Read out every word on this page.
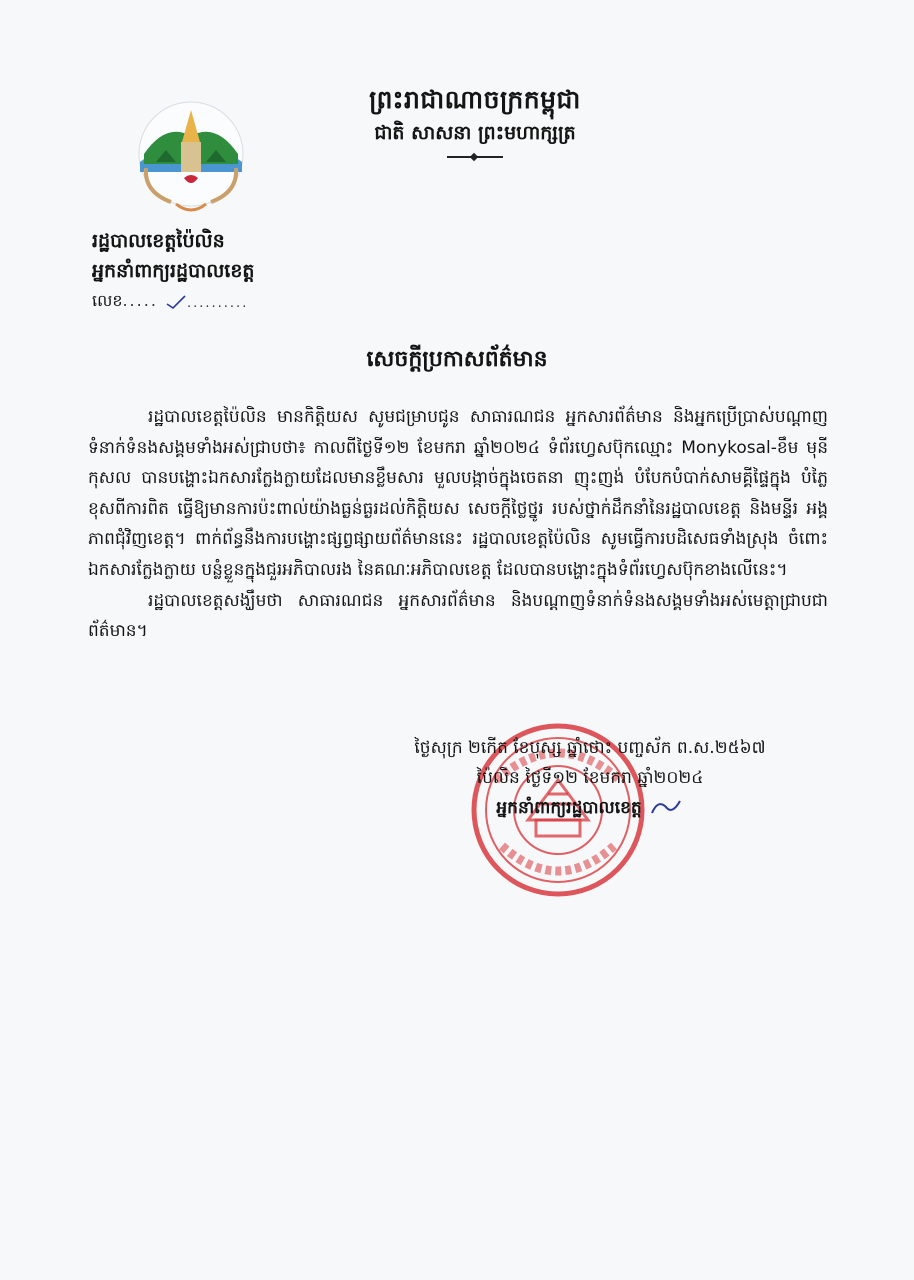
ព្រះរាជាណាចក្រកម្ពុជា
ជាតិ សាសនា ព្រះមហាក្សត្រ
រដ្ឋបាលខេត្តប៉ៃលិន
អ្នកនាំពាក្យរដ្ឋបាលខេត្ត
លេខ..... ..........
សេចក្តីប្រកាសព័ត៌មាន

រដ្ឋបាលខេត្តប៉ៃលិន មានកិត្តិយស សូមជម្រាបជូន សាធារណជន អ្នកសារព័ត៌មាន និងអ្នកប្រើប្រាស់បណ្តាញទំនាក់ទំនងសង្គមទាំងអស់ជ្រាបថា៖ កាលពីថ្ងៃទី១២ ខែមករា ឆ្នាំ២០២៤ ទំព័រហ្វេសប៊ុកឈ្មោះ Monykosal-ខឹម មុនីកុសល បានបង្ហោះឯកសារក្លែងក្លាយដែលមានខ្លឹមសារ មួលបង្កាច់ក្នុងចេតនា ញុះញង់ បំបែកបំបាក់សាមគ្គីផ្ទៃក្នុង បំភ្លៃខុសពីការពិត ធ្វើឱ្យមានការប៉ះពាល់យ៉ាងធ្ងន់ធ្ងរដល់កិត្តិយស សេចក្តីថ្លៃថ្នូរ របស់ថ្នាក់ដឹកនាំនៃរដ្ឋបាលខេត្ត និងមន្ទីរ អង្គភាពជុំវិញខេត្ត។ ពាក់ព័ន្ធនឹងការបង្ហោះផ្សព្វផ្សាយព័ត៌មាននេះ រដ្ឋបាលខេត្តប៉ៃលិន សូមធ្វើការបដិសេធទាំងស្រុង ចំពោះឯកសារក្លែងក្លាយ បន្លំខ្លួនក្នុងជួរអភិបាលរង នៃគណៈអភិបាលខេត្ត ដែលបានបង្ហោះក្នុងទំព័រហ្វេសប៊ុកខាងលើនេះ។

រដ្ឋបាលខេត្តសង្ឃឹមថា សាធារណជន អ្នកសារព័ត៌មាន និងបណ្តាញទំនាក់ទំនងសង្គមទាំងអស់មេត្តាជ្រាបជាព័ត៌មាន។

ថ្ងៃសុក្រ ២កើត ខែបុស្ស ឆ្នាំថោះ បញ្ចស័ក ព.ស.២៥៦៧
ប៉ៃលិន ថ្ងៃទី១២ ខែមករា ឆ្នាំ២០២៤
អ្នកនាំពាក្យរដ្ឋបាលខេត្ត
